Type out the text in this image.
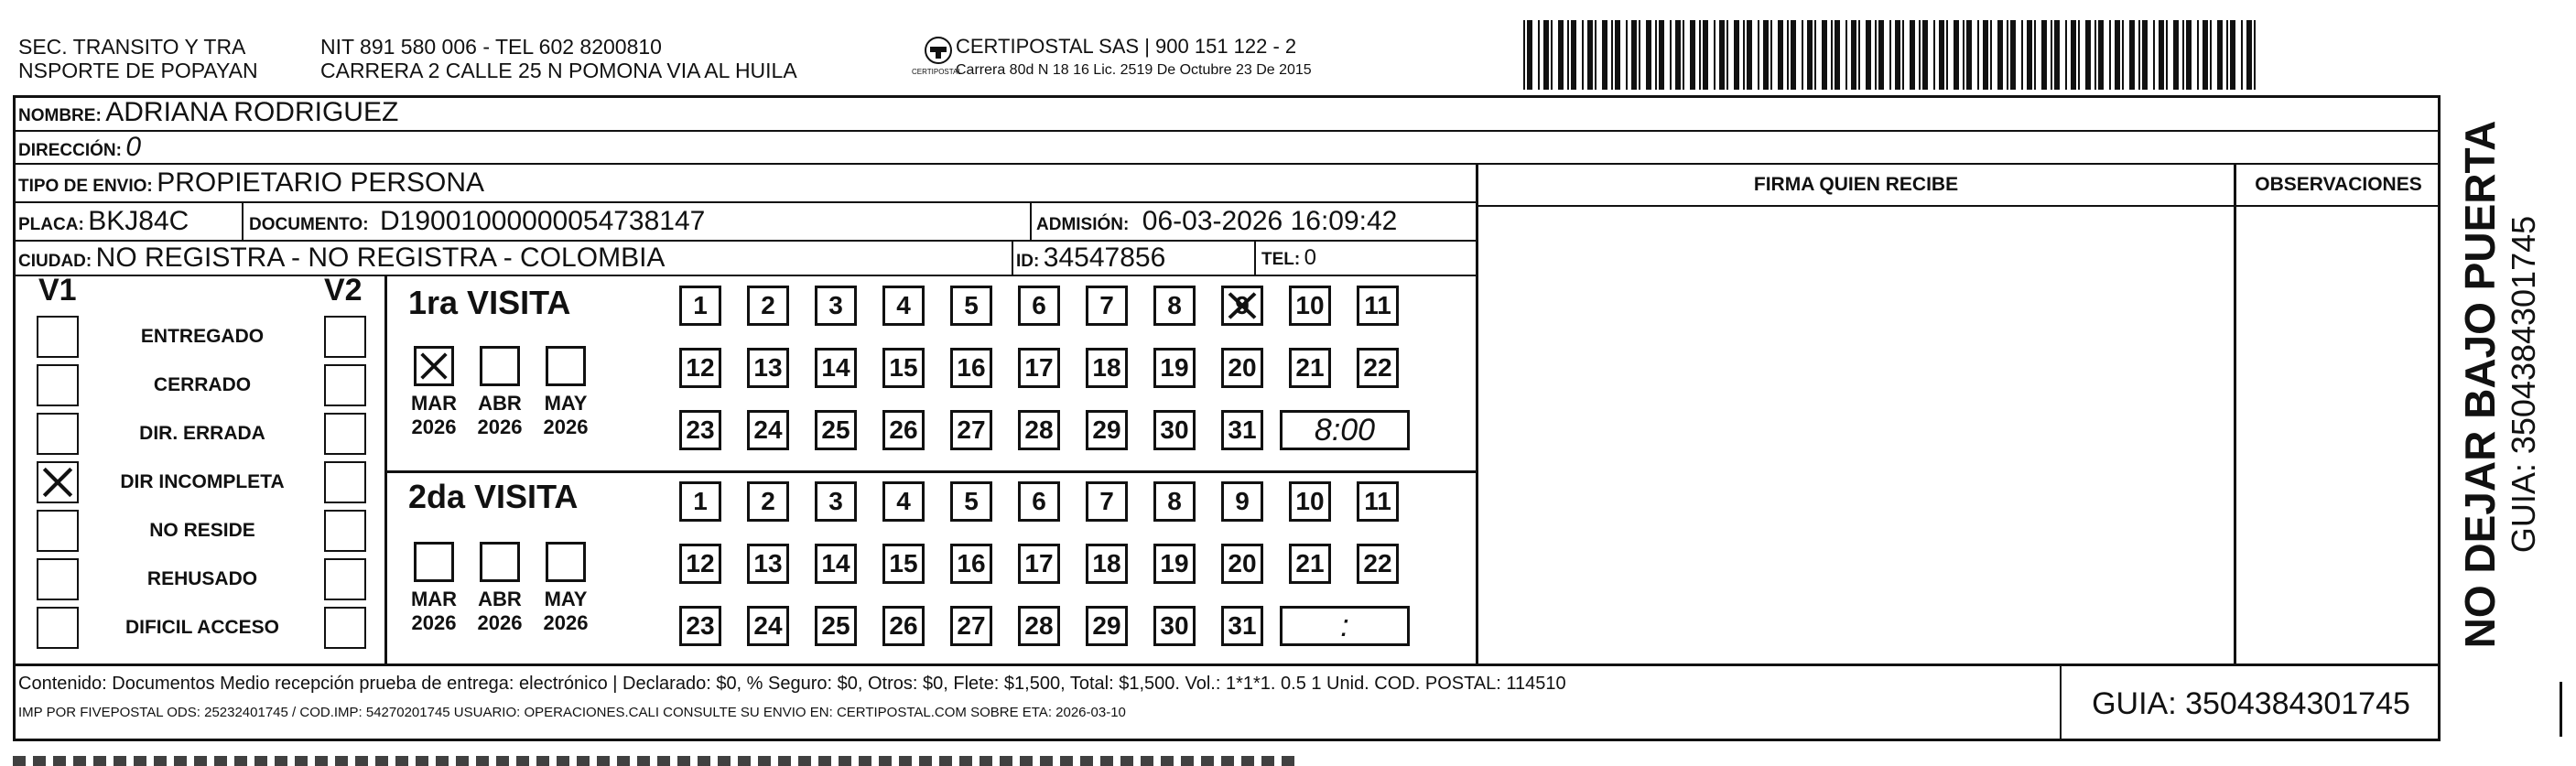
SEC. TRANSITO Y TRA
NSPORTE DE POPAYAN
NIT 891 580 006 - TEL 602 8200810
CARRERA 2 CALLE 25 N POMONA VIA AL HUILA	CERTIPOSTAL
CERTIPOSTAL SAS | 900 151 122 - 2
Carrera 80d N 18 16 Lic. 2519 De Octubre 23 De 2015
NOMBRE: ADRIANA RODRIGUEZ
DIRECCIÓN: 0
TIPO DE ENVIO: PROPIETARIO PERSONA	FIRMA QUIEN RECIBE	OBSERVACIONES
PLACA: BKJ84C	DOCUMENTO: D19001000000054738147	ADMISIÓN: 06-03-2026 16:09:42
CIUDAD: NO REGISTRA - NO REGISTRA - COLOMBIA	ID: 34547856	TEL: 0
V1	V2
ENTREGADO
CERRADO
DIR. ERRADA
DIR INCOMPLETA
NO RESIDE
REHUSADO
DIFICIL ACCESO
1ra VISITA
MAR
2026
ABR
2026
MAY
2026
1	2	3	4	5	6	7	8	9 10 11
12 13 14 15 16 17 18 19 20 21 22
23 24 25 26 27 28 29 30 31	8:00
2da VISITA
MAR
2026
ABR
2026
MAY
2026
1	2	3	4	5	6	7	8	9	10 11
12 13 14 15 16 17 18 19 20 21 22
23 24 25 26 27 28 29 30 31	:
Contenido: Documentos Medio recepción prueba de entrega: electrónico | Declarado: $0, % Seguro: $0, Otros: $0, Flete: $1,500, Total: $1,500. Vol.: 1*1*1. 0.5 1 Unid. COD. POSTAL: 114510
IMP POR FIVEPOSTAL ODS: 25232401745 / COD.IMP: 54270201745 USUARIO: OPERACIONES.CALI CONSULTE SU ENVIO EN: CERTIPOSTAL.COM SOBRE ETA: 2026-03-10	GUIA: 3504384301745
NO DEJAR BAJO PUERTA GUIA: 3504384301745
